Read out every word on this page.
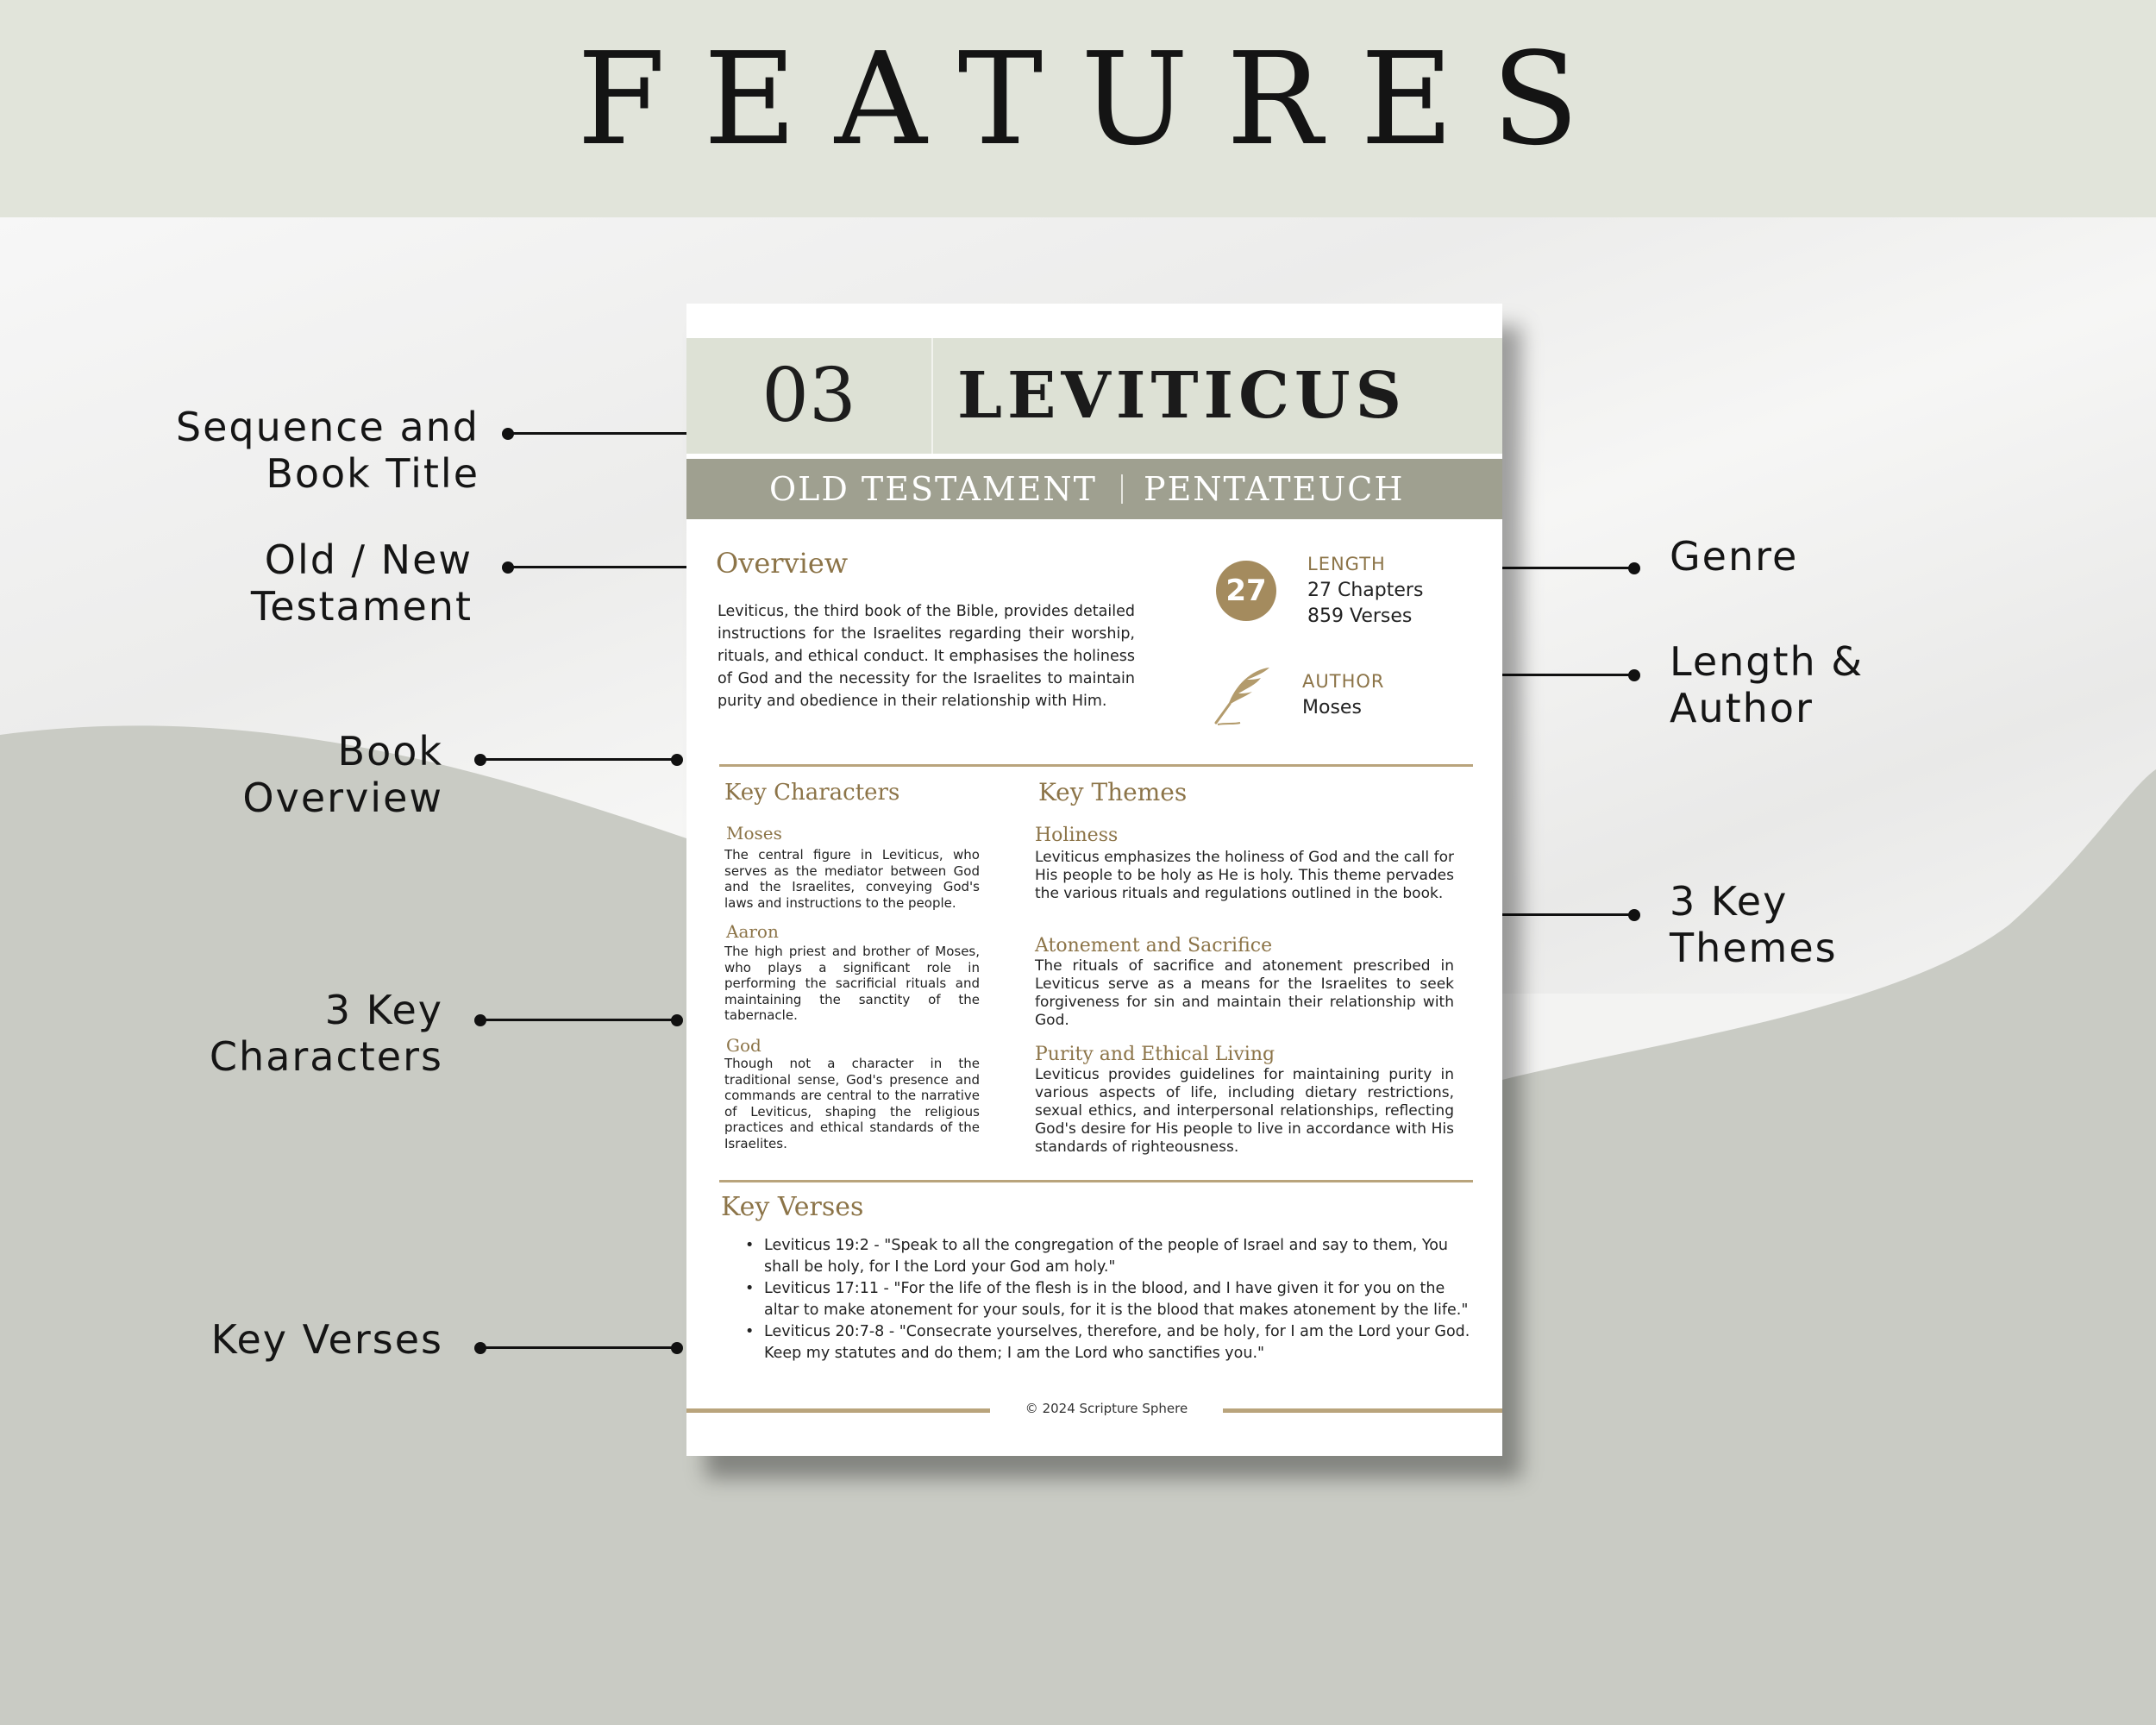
FEATURES
Sequence and
Book Title
Old / New
Testament
Book
Overview
3 Key
Characters
Key Verses
Genre
Length &
Author
3 Key
Themes
03	LEVITICUS
OLD TESTAMENT PENTATEUCH
Overview
Leviticus, the third book of the Bible, provides detailed instructions for the Israelites regarding their worship, rituals, and ethical conduct. It emphasises the holiness of God and the necessity for the Israelites to maintain purity and obedience in their relationship with Him.
27
LENGTH
27 Chapters
859 Verses
AUTHOR
Moses
Key Characters
Moses
The central figure in Leviticus, who serves as the mediator between God and the Israelites, conveying God's laws and instructions to the people.
Aaron
The high priest and brother of Moses, who plays a significant role in performing the sacrificial rituals and maintaining the sanctity of the tabernacle.
God
Though not a character in the traditional sense, God's presence and commands are central to the narrative of Leviticus, shaping the religious practices and ethical standards of the Israelites.
Key Themes
Holiness
Leviticus emphasizes the holiness of God and the call for His people to be holy as He is holy. This theme pervades the various rituals and regulations outlined in the book.
Atonement and Sacrifice
The rituals of sacrifice and atonement prescribed in Leviticus serve as a means for the Israelites to seek forgiveness for sin and maintain their relationship with God.
Purity and Ethical Living
Leviticus provides guidelines for maintaining purity in various aspects of life, including dietary restrictions, sexual ethics, and interpersonal relationships, reflecting God's desire for His people to live in accordance with His standards of righteousness.
Key Verses
• Leviticus 19:2 - "Speak to all the congregation of the people of Israel and say to them, You shall be holy, for I the Lord your God am holy."
• Leviticus 17:11 - "For the life of the flesh is in the blood, and I have given it for you on the altar to make atonement for your souls, for it is the blood that makes atonement by the life."
• Leviticus 20:7-8 - "Consecrate yourselves, therefore, and be holy, for I am the Lord your God. Keep my statutes and do them; I am the Lord who sanctifies you."
© 2024 Scripture Sphere
